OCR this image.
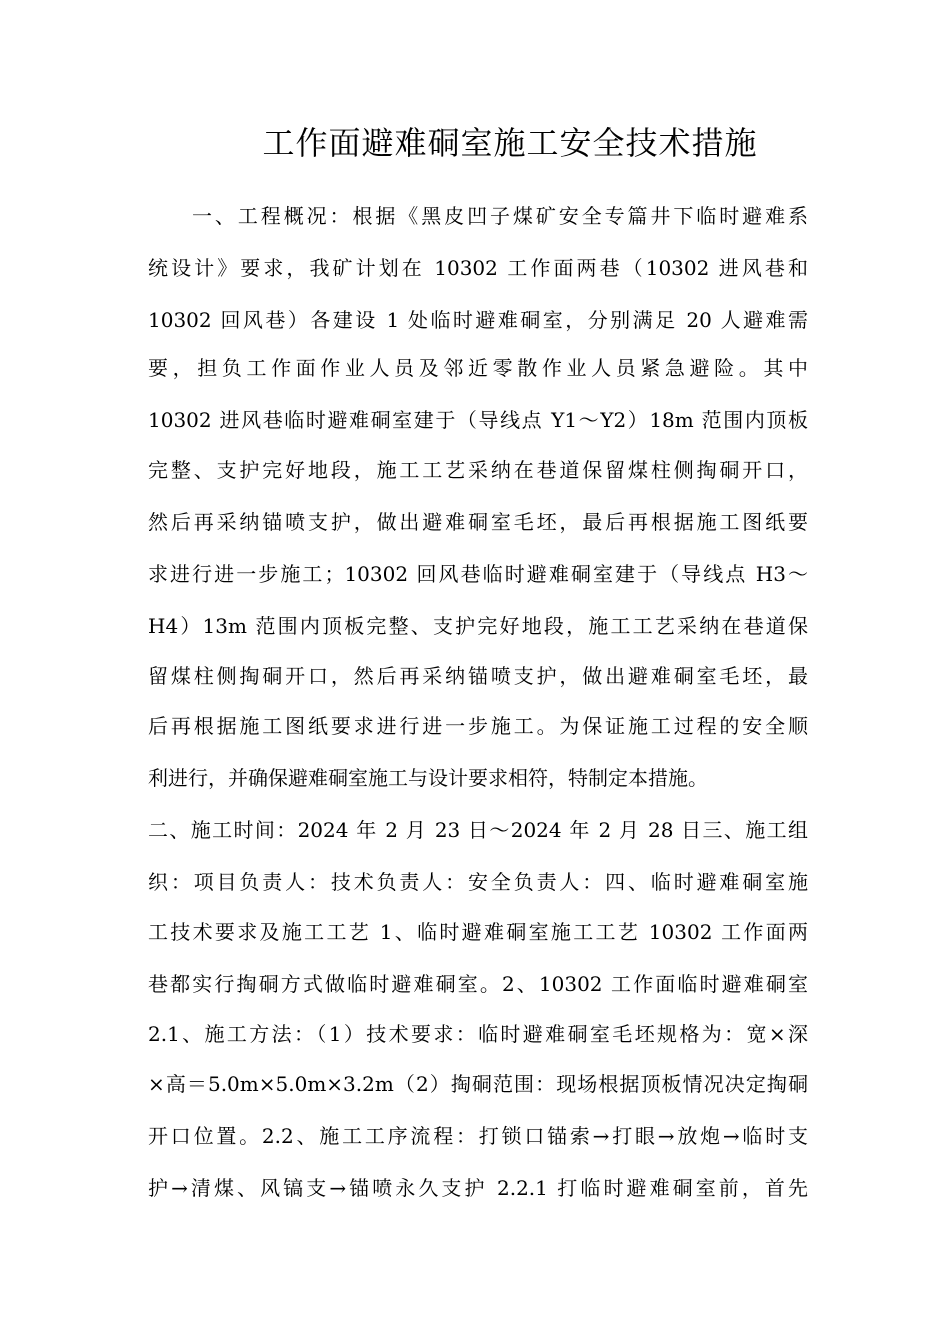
工作面避难硐室施工安全技术措施
一、工程概况：根据《黑皮凹子煤矿安全专篇井下临时避难系
统设计》要求，我矿计划在 10302 工作面两巷（10302 进风巷和
10302 回风巷）各建设 1 处临时避难硐室，分别满足 20 人避难需
要，担负工作面作业人员及邻近零散作业人员紧急避险。其中
10302 进风巷临时避难硐室建于（导线点 Y1～Y2）18m 范围内顶板
完整、支护完好地段，施工工艺采纳在巷道保留煤柱侧掏硐开口，
然后再采纳锚喷支护，做出避难硐室毛坯，最后再根据施工图纸要
求进行进一步施工；10302 回风巷临时避难硐室建于（导线点 H3～
H4）13m 范围内顶板完整、支护完好地段，施工工艺采纳在巷道保
留煤柱侧掏硐开口，然后再采纳锚喷支护，做出避难硐室毛坯，最
后再根据施工图纸要求进行进一步施工。为保证施工过程的安全顺
利进行，并确保避难硐室施工与设计要求相符，特制定本措施。
二、施工时间：2024 年 2 月 23 日～2024 年 2 月 28 日三、施工组
织：项目负责人：技术负责人：安全负责人：四、临时避难硐室施
工技术要求及施工工艺 1、临时避难硐室施工工艺 10302 工作面两
巷都实行掏硐方式做临时避难硐室。2、10302 工作面临时避难硐室
2.1、施工方法：（1）技术要求：临时避难硐室毛坯规格为：宽×深
×高＝5.0m×5.0m×3.2m（2）掏硐范围：现场根据顶板情况决定掏硐
开口位置。2.2、施工工序流程：打锁口锚索→打眼→放炮→临时支
护→清煤、风镐支→锚喷永久支护 2.2.1 打临时避难硐室前，首先
